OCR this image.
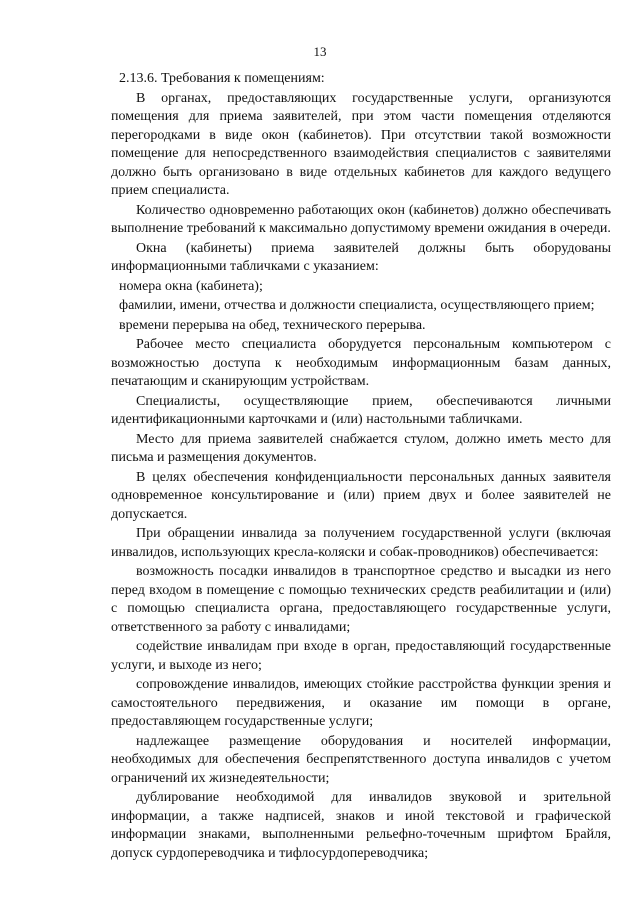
13

2.13.6. Требования к помещениям:

В органах, предоставляющих государственные услуги, организуются помещения для приема заявителей, при этом части помещения отделяются перегородками в виде окон (кабинетов). При отсутствии такой возможности помещение для непосредственного взаимодействия специалистов с заявителями должно быть организовано в виде отдельных кабинетов для каждого ведущего прием специалиста.

Количество одновременно работающих окон (кабинетов) должно обеспечивать выполнение требований к максимально допустимому времени ожидания в очереди.

Окна (кабинеты) приема заявителей должны быть оборудованы информационными табличками с указанием:

номера окна (кабинета);

фамилии, имени, отчества и должности специалиста, осуществляющего прием;

времени перерыва на обед, технического перерыва.

Рабочее место специалиста оборудуется персональным компьютером с возможностью доступа к необходимым информационным базам данных, печатающим и сканирующим устройствам.

Специалисты, осуществляющие прием, обеспечиваются личными идентификационными карточками и (или) настольными табличками.

Место для приема заявителей снабжается стулом, должно иметь место для письма и размещения документов.

В целях обеспечения конфиденциальности персональных данных заявителя одновременное консультирование и (или) прием двух и более заявителей не допускается.

При обращении инвалида за получением государственной услуги (включая инвалидов, использующих кресла-коляски и собак-проводников) обеспечивается:

возможность посадки инвалидов в транспортное средство и высадки из него перед входом в помещение с помощью технических средств реабилитации и (или) с помощью специалиста органа, предоставляющего государственные услуги, ответственного за работу с инвалидами;

содействие инвалидам при входе в орган, предоставляющий государственные услуги, и выходе из него;

сопровождение инвалидов, имеющих стойкие расстройства функции зрения и самостоятельного передвижения, и оказание им помощи в органе, предоставляющем государственные услуги;

надлежащее размещение оборудования и носителей информации, необходимых для обеспечения беспрепятственного доступа инвалидов с учетом ограничений их жизнедеятельности;

дублирование необходимой для инвалидов звуковой и зрительной информации, а также надписей, знаков и иной текстовой и графической информации знаками, выполненными рельефно-точечным шрифтом Брайля, допуск сурдопереводчика и тифлосурдопереводчика;
